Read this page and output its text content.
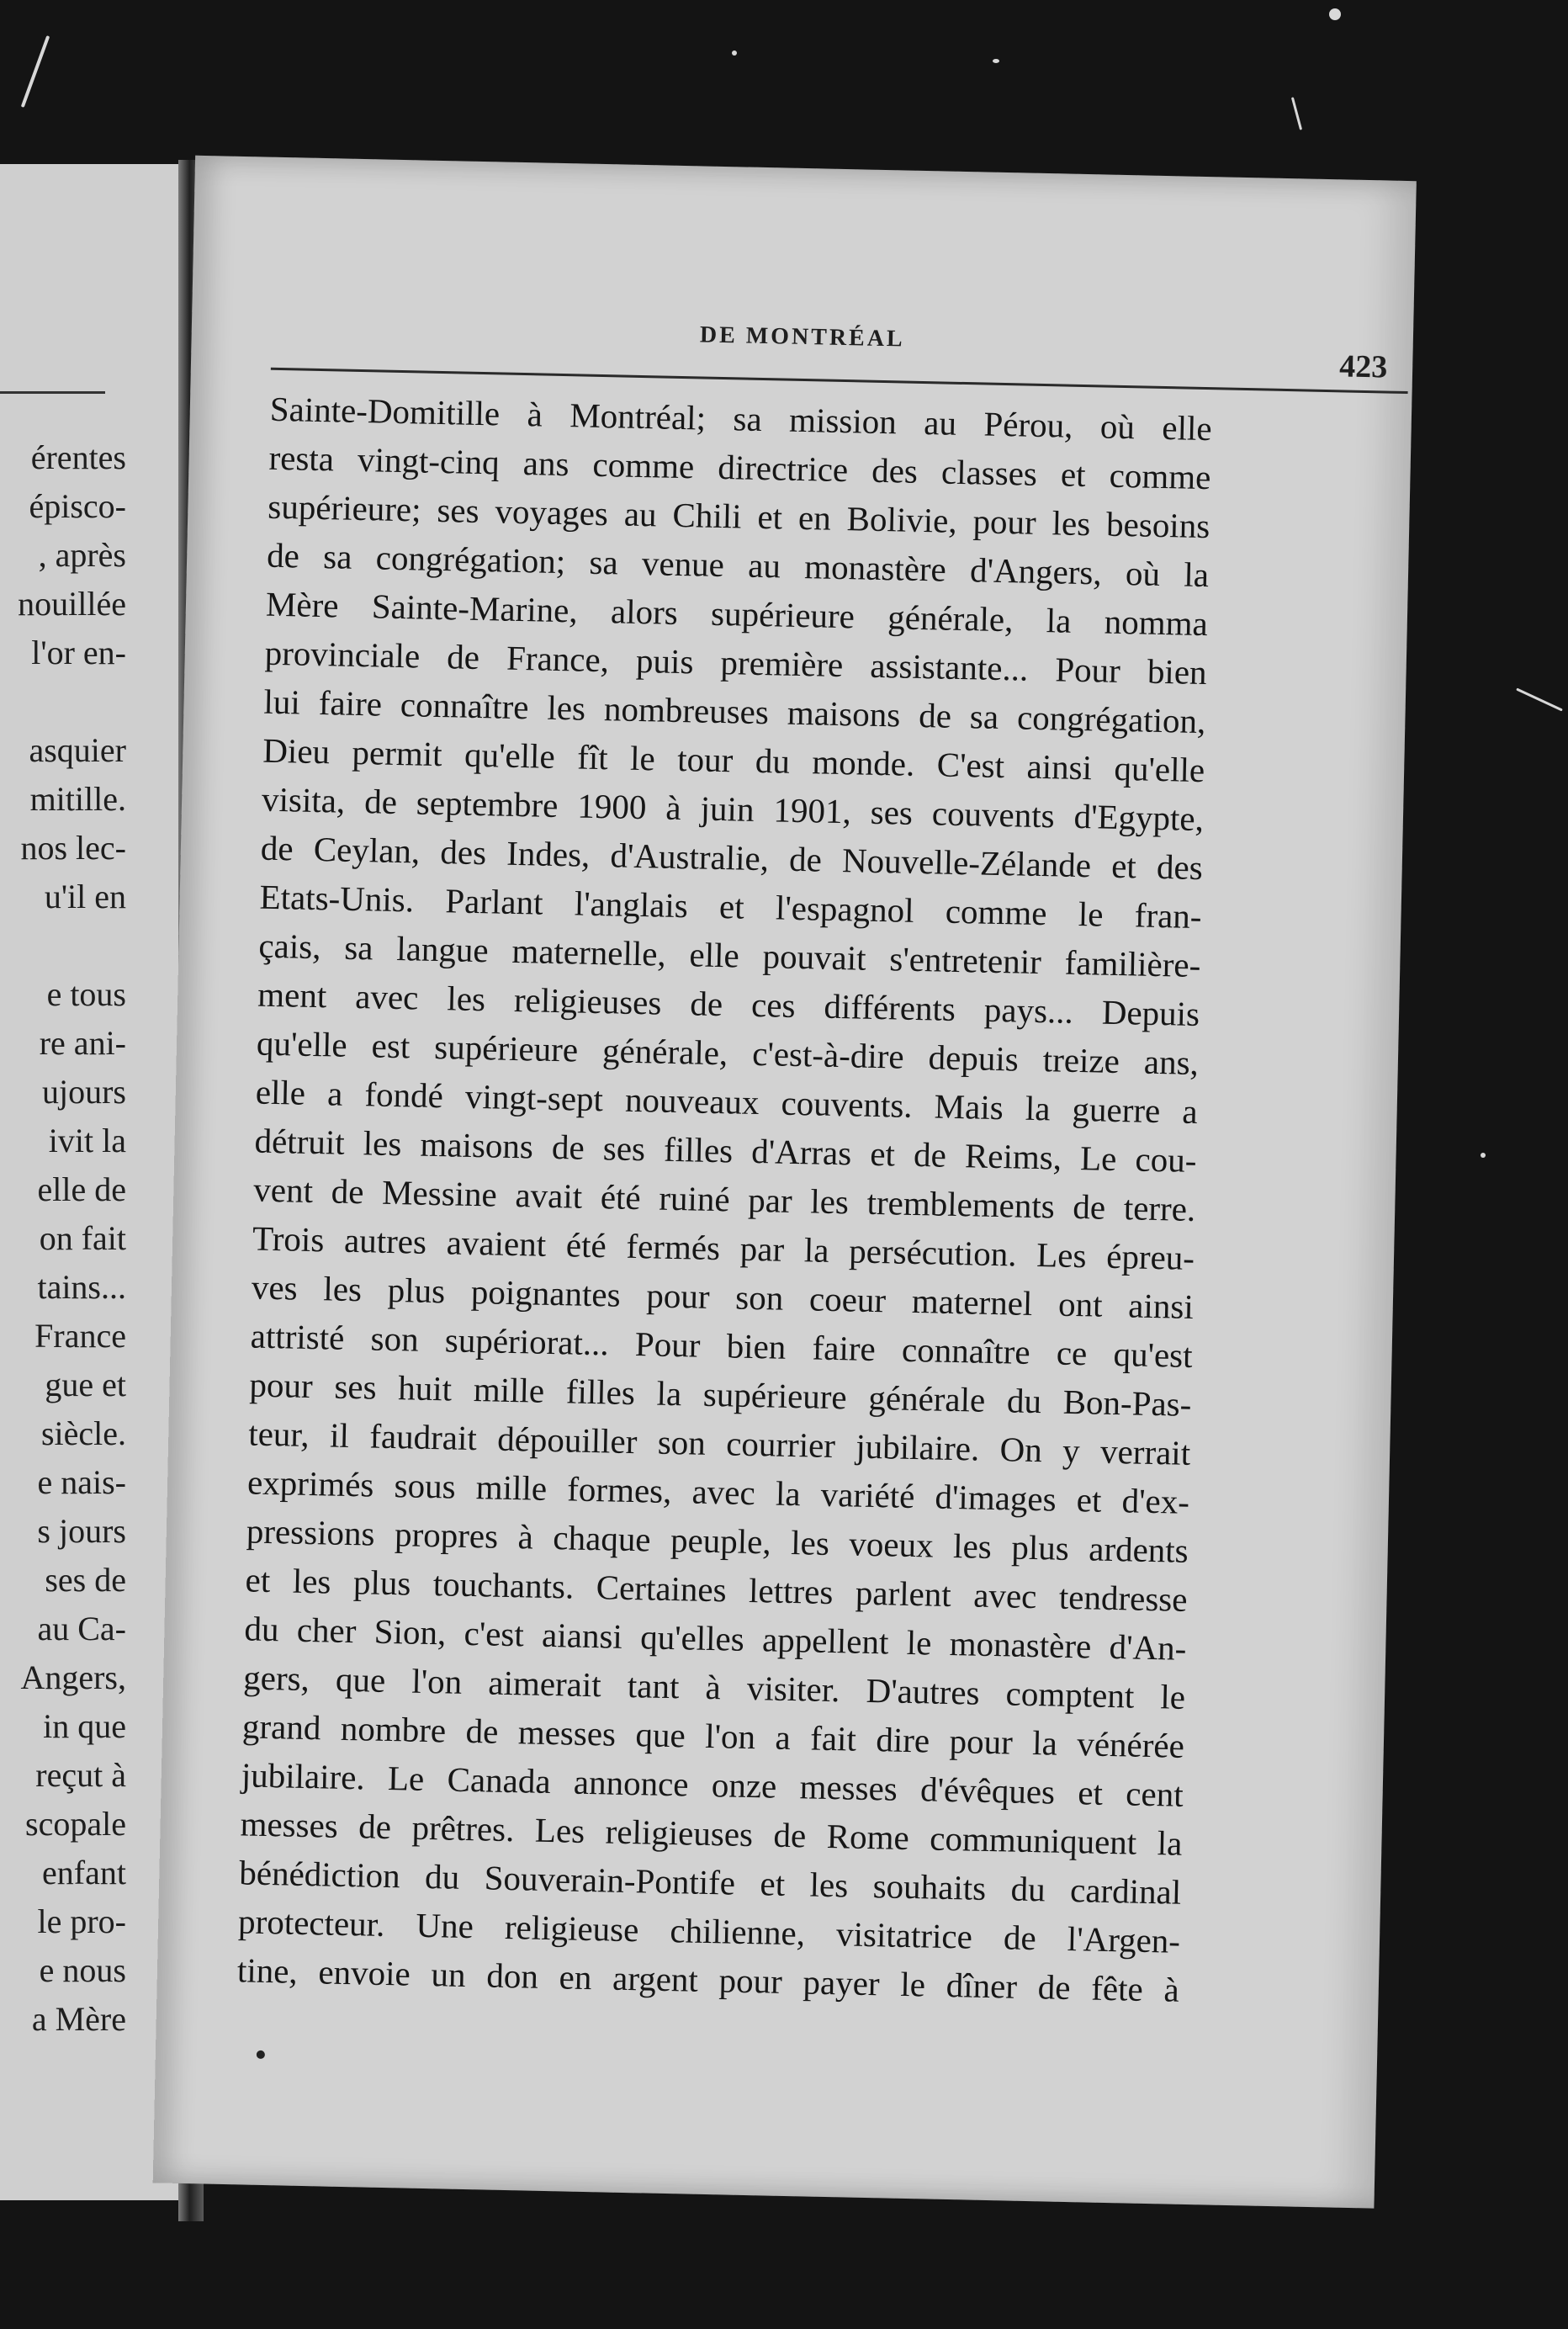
érentes
épisco-
, après
nouillée
l'or en-
asquier
mitille.
nos lec-
u'il en
e tous
re ani-
ujours
ivit la
elle de
on fait
tains...
France
gue et
siècle.
e nais-
s jours
ses de
au Ca-
Angers,
in que
reçut à
scopale
enfant
le pro-
e nous
a Mère
DE MONTRÉAL
423
Sainte-Domitille à Montréal; sa mission au Pérou, où elle
resta vingt-cinq ans comme directrice des classes et comme
supérieure; ses voyages au Chili et en Bolivie, pour les besoins
de sa congrégation; sa venue au monastère d'Angers, où la
Mère Sainte-Marine, alors supérieure générale, la nomma
provinciale de France, puis première assistante... Pour bien
lui faire connaître les nombreuses maisons de sa congrégation,
Dieu permit qu'elle fît le tour du monde. C'est ainsi qu'elle
visita, de septembre 1900 à juin 1901, ses couvents d'Egypte,
de Ceylan, des Indes, d'Australie, de Nouvelle-Zélande et des
Etats-Unis. Parlant l'anglais et l'espagnol comme le fran-
çais, sa langue maternelle, elle pouvait s'entretenir familière-
ment avec les religieuses de ces différents pays... Depuis
qu'elle est supérieure générale, c'est-à-dire depuis treize ans,
elle a fondé vingt-sept nouveaux couvents. Mais la guerre a
détruit les maisons de ses filles d'Arras et de Reims, Le cou-
vent de Messine avait été ruiné par les tremblements de terre.
Trois autres avaient été fermés par la persécution. Les épreu-
ves les plus poignantes pour son coeur maternel ont ainsi
attristé son supériorat... Pour bien faire connaître ce qu'est
pour ses huit mille filles la supérieure générale du Bon-Pas-
teur, il faudrait dépouiller son courrier jubilaire. On y verrait
exprimés sous mille formes, avec la variété d'images et d'ex-
pressions propres à chaque peuple, les voeux les plus ardents
et les plus touchants. Certaines lettres parlent avec tendresse
du cher Sion, c'est aiansi qu'elles appellent le monastère d'An-
gers, que l'on aimerait tant à visiter. D'autres comptent le
grand nombre de messes que l'on a fait dire pour la vénérée
jubilaire. Le Canada annonce onze messes d'évêques et cent
messes de prêtres. Les religieuses de Rome communiquent la
bénédiction du Souverain-Pontife et les souhaits du cardinal
protecteur. Une religieuse chilienne, visitatrice de l'Argen-
tine, envoie un don en argent pour payer le dîner de fête à
